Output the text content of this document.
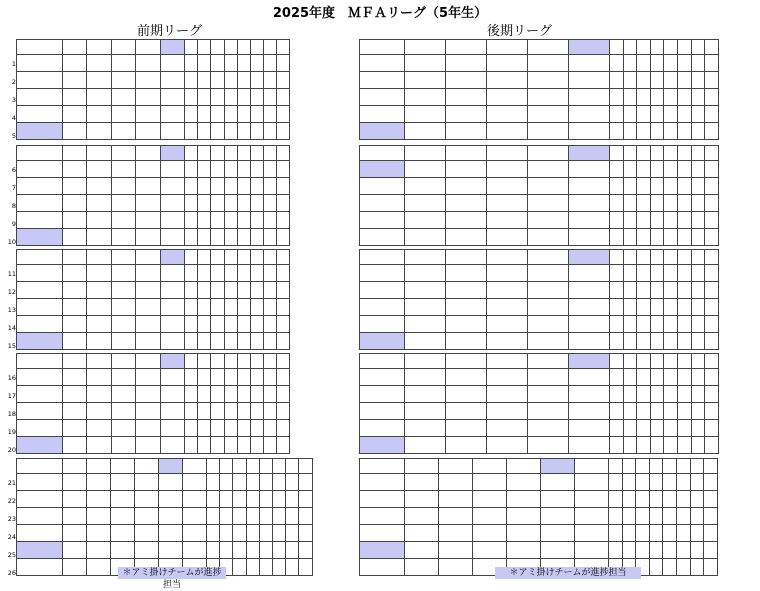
2025年度　ＭＦＡリーグ（5年生）
前期リーグ	後期リーグ

1
2
3
4
5
6
7
8
9
10
11
12
13
14
15
16
17
18
19
20
21
22
23
24
25
26	＊アミ掛けチームが進捗担当
＊アミ掛けチームが進捗担当
